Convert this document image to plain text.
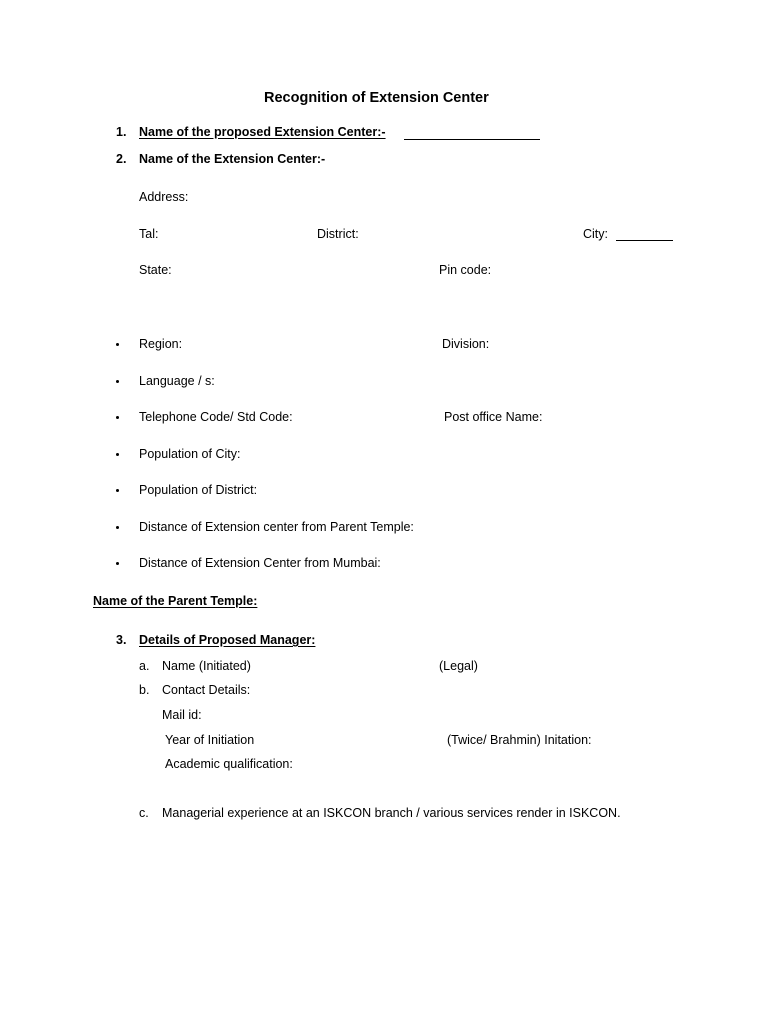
Recognition of Extension Center
1. Name of the proposed Extension Center:-
2. Name of the Extension Center:-
Address:
Tal:	District:	City:
State:	Pin code:
Region:	Division:
Language / s:
Telephone Code/ Std Code:	Post office Name:
Population of City:
Population of District:
Distance of Extension center from Parent Temple:
Distance of Extension Center from Mumbai:
Name of the Parent Temple:
3. Details of Proposed Manager:
a. Name (Initiated)	(Legal)
b. Contact Details:
Mail id:
Year of Initiation	(Twice/ Brahmin) Initation:
Academic qualification:
c. Managerial experience at an ISKCON branch / various services render in ISKCON.
